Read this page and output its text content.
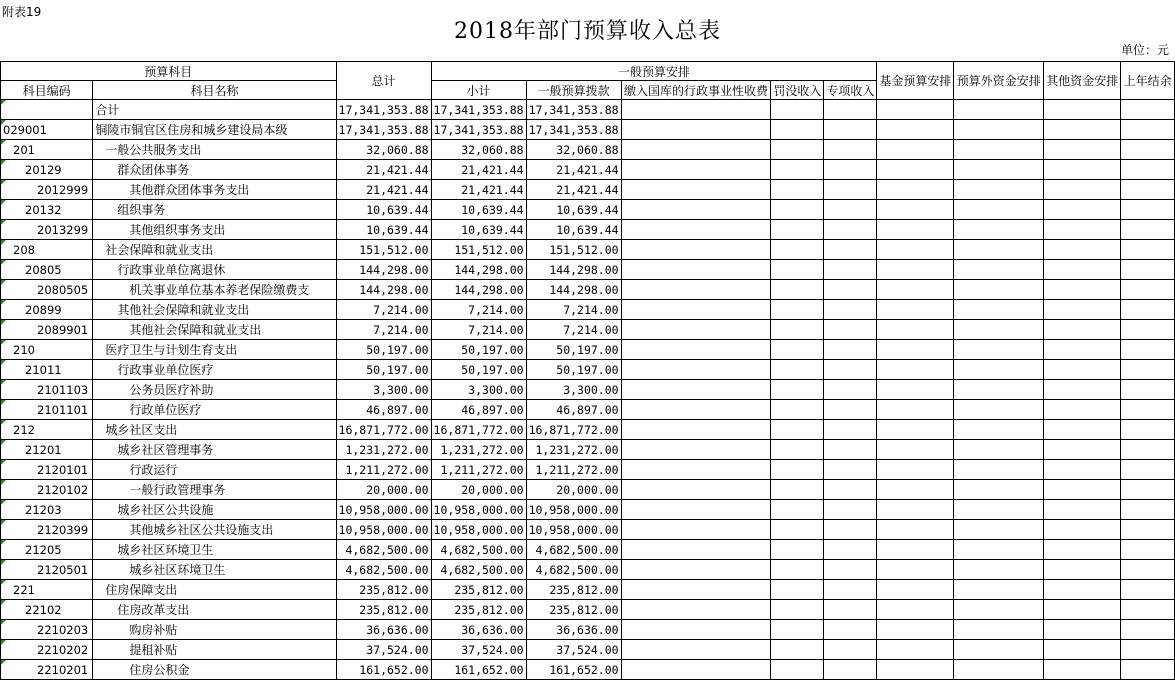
附表19
2018年部门预算收入总表
单位：元
预算科目		总计	一般预算安排					基金预算安排	预算外资金安排	其他资金安排	上年结余
科目编码	科目名称		小计	一般预算拨款	缴入国库的行政事业性收费	罚没收入	专项收入				
	合计	17,341,353.88	17,341,353.88	17,341,353.88							
029001	铜陵市铜官区住房和城乡建设局本级	17,341,353.88	17,341,353.88	17,341,353.88							
201	一般公共服务支出	32,060.88	32,060.88	32,060.88							
20129	群众团体事务	21,421.44	21,421.44	21,421.44							
2012999	其他群众团体事务支出	21,421.44	21,421.44	21,421.44							
20132	组织事务	10,639.44	10,639.44	10,639.44							
2013299	其他组织事务支出	10,639.44	10,639.44	10,639.44							
208	社会保障和就业支出	151,512.00	151,512.00	151,512.00							
20805	行政事业单位离退休	144,298.00	144,298.00	144,298.00							
2080505	机关事业单位基本养老保险缴费支	144,298.00	144,298.00	144,298.00							
20899	其他社会保障和就业支出	7,214.00	7,214.00	7,214.00							
2089901	其他社会保障和就业支出	7,214.00	7,214.00	7,214.00							
210	医疗卫生与计划生育支出	50,197.00	50,197.00	50,197.00							
21011	行政事业单位医疗	50,197.00	50,197.00	50,197.00							
2101103	公务员医疗补助	3,300.00	3,300.00	3,300.00							
2101101	行政单位医疗	46,897.00	46,897.00	46,897.00							
212	城乡社区支出	16,871,772.00	16,871,772.00	16,871,772.00							
21201	城乡社区管理事务	1,231,272.00	1,231,272.00	1,231,272.00							
2120101	行政运行	1,211,272.00	1,211,272.00	1,211,272.00							
2120102	一般行政管理事务	20,000.00	20,000.00	20,000.00							
21203	城乡社区公共设施	10,958,000.00	10,958,000.00	10,958,000.00							
2120399	其他城乡社区公共设施支出	10,958,000.00	10,958,000.00	10,958,000.00							
21205	城乡社区环境卫生	4,682,500.00	4,682,500.00	4,682,500.00							
2120501	城乡社区环境卫生	4,682,500.00	4,682,500.00	4,682,500.00							
221	住房保障支出	235,812.00	235,812.00	235,812.00							
22102	住房改革支出	235,812.00	235,812.00	235,812.00							
2210203	购房补贴	36,636.00	36,636.00	36,636.00							
2210202	提租补贴	37,524.00	37,524.00	37,524.00							
2210201	住房公积金	161,652.00	161,652.00	161,652.00							
